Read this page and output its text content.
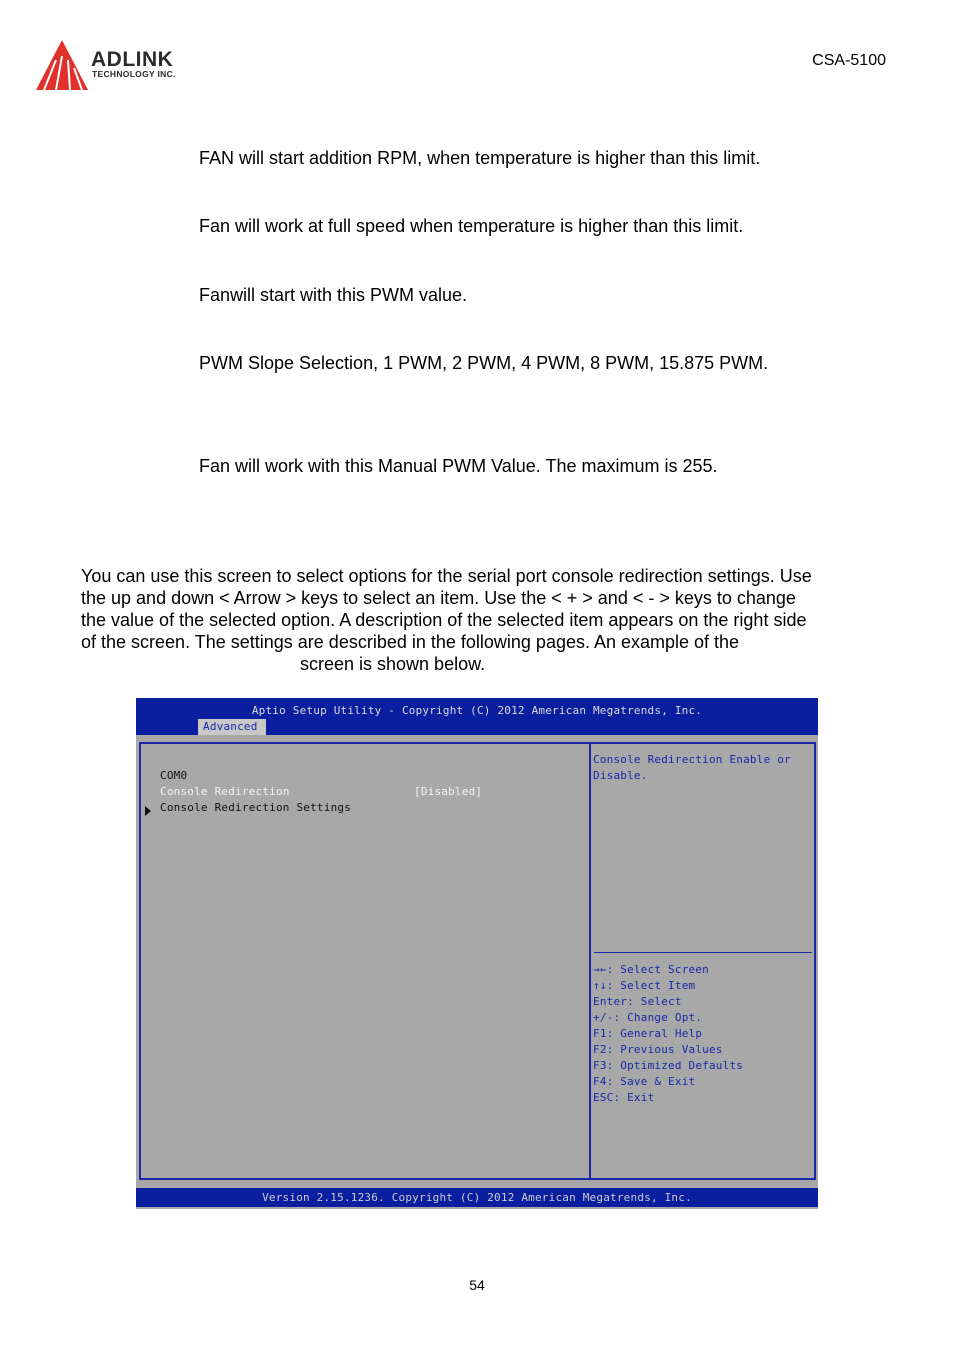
ADLINK
TECHNOLOGY INC.
CSA-5100
FAN will start addition RPM, when temperature is higher than this limit.
Fan will work at full speed when temperature is higher than this limit.
Fanwill start with this PWM value.
PWM Slope Selection, 1 PWM, 2 PWM, 4 PWM, 8 PWM, 15.875 PWM.
Fan will work with this Manual PWM Value. The maximum is 255.
You can use this screen to select options for the serial port console redirection settings. Use
the up and down < Arrow > keys to select an item. Use the < + > and < - > keys to change
the value of the selected option. A description of the selected item appears on the right side
of the screen. The settings are described in the following pages. An example of the
screen is shown below.
Aptio Setup Utility - Copyright (C) 2012 American Megatrends, Inc.
Advanced
COM0
Console Redirection	[Disabled]
Console Redirection Settings
Console Redirection Enable or
Disable.
→←: Select Screen
↑↓: Select Item
Enter: Select
+/-: Change Opt.
F1: General Help
F2: Previous Values
F3: Optimized Defaults
F4: Save & Exit
ESC: Exit
Version 2.15.1236. Copyright (C) 2012 American Megatrends, Inc.
54
